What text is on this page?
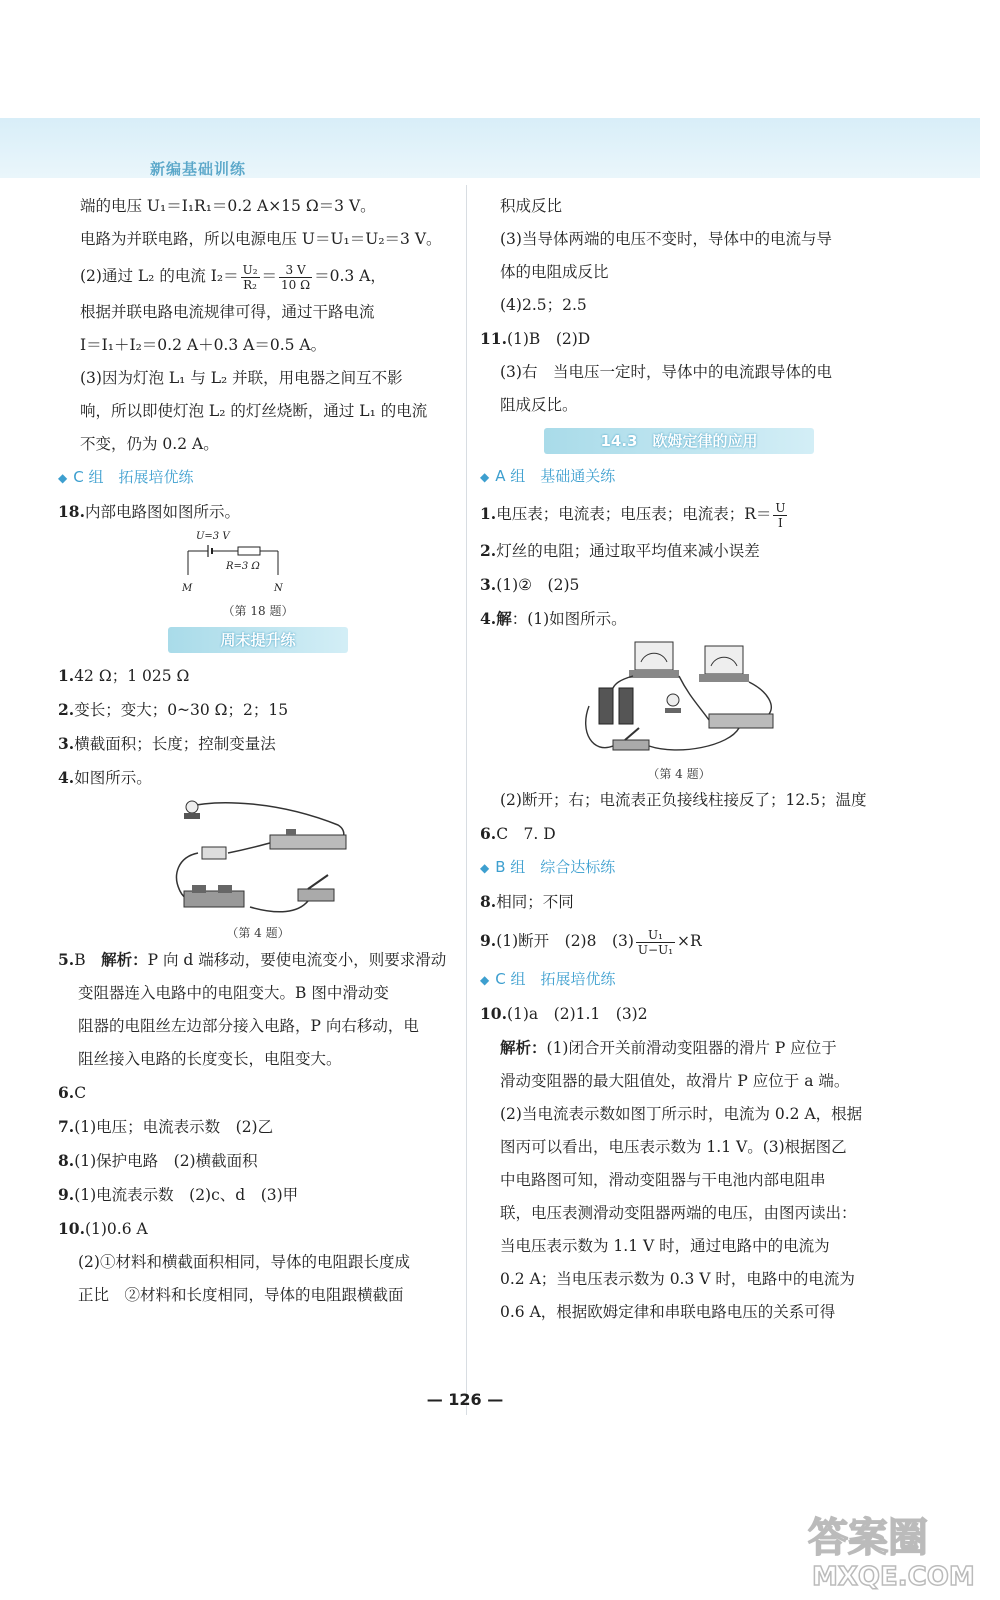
新编基础训练
端的电压 U₁＝I₁R₁＝0.2 A×15 Ω＝3 V。
电路为并联电路，所以电源电压 U＝U₁＝U₂＝3 V。
(2)通过 L₂ 的电流 $I_2= \frac{\text{U₂}}{\text{R₂}} = \frac{3 V}{10 \Omega} =0.3$ A，
根据并联电路电流规律可得，通过干路电流
I＝I₁＋I₂＝0.2 A＋0.3 A＝0.5 A。
(3)因为灯泡 L₁ 与 L₂ 并联，用电器之间互不影
响，所以即使灯泡 L₂ 的灯丝烧断，通过 L₁ 的电流
不变，仍为 0.2 A。
◆ C 组　拓展培优练
18.内部电路图如图所示。
U=3 V
R=3 Ω
M	N
（第 18 题）
周末提升练
1.42 Ω；1 025 Ω
2.变长；变大；0~30 Ω；2；15
3.横截面积；长度；控制变量法
4.如图所示。
（第 4 题）
5.B　 解析：P 向 d 端移动，要使电流变小，则要求滑动
变阻器连入电路中的电阻变大。B 图中滑动变
阻器的电阻丝左边部分接入电路，P 向右移动，电
阻丝接入电路的长度变长，电阻变大。
6.C
7.(1)电压；电流表示数　(2)乙
8.(1)保护电路　(2)横截面积
9.(1)电流表示数　(2)c、d　(3)甲
10.(1)0.6 A
(2)①材料和横截面积相同，导体的电阻跟长度成
正比　②材料和长度相同，导体的电阻跟横截面
积成反比
(3)当导体两端的电压不变时，导体中的电流与导
体的电阻成反比
(4)2.5；2.5
11.(1)B　(2)D
(3)右　当电压一定时，导体中的电流跟导体的电
阻成反比。
14.3　欧姆定律的应用
◆ A 组　基础通关练
1.电压表；电流表；电压表；电流表；$R= \frac{U}{I}$
2.灯丝的电阻；通过取平均值来减小误差
3.(1)②　(2)5
4.解：(1)如图所示。
（第 4 题）
(2)断开；右；电流表正负接线柱接反了；12.5；温度
6.C　7. D
◆ B 组　综合达标练
8.相同；不同
9.(1)断开　(2)8　$(3) \frac{\text{U₁}}{\text{U−U₁}} \times R$
◆ C 组　拓展培优练
10.(1)a　(2)1.1　(3)2
解析：(1)闭合开关前滑动变阻器的滑片 P 应位于
滑动变阻器的最大阻值处，故滑片 P 应位于 a 端。
(2)当电流表示数如图丁所示时，电流为 0.2 A，根据
图丙可以看出，电压表示数为 1.1 V。(3)根据图乙
中电路图可知，滑动变阻器与干电池内部电阻串
联，电压表测滑动变阻器两端的电压，由图丙读出：
当电压表示数为 1.1 V 时，通过电路中的电流为
0.2 A；当电压表示数为 0.3 V 时，电路中的电流为
0.6 A，根据欧姆定律和串联电路电压的关系可得
— 126 —
答案圈
MXQE.COM
